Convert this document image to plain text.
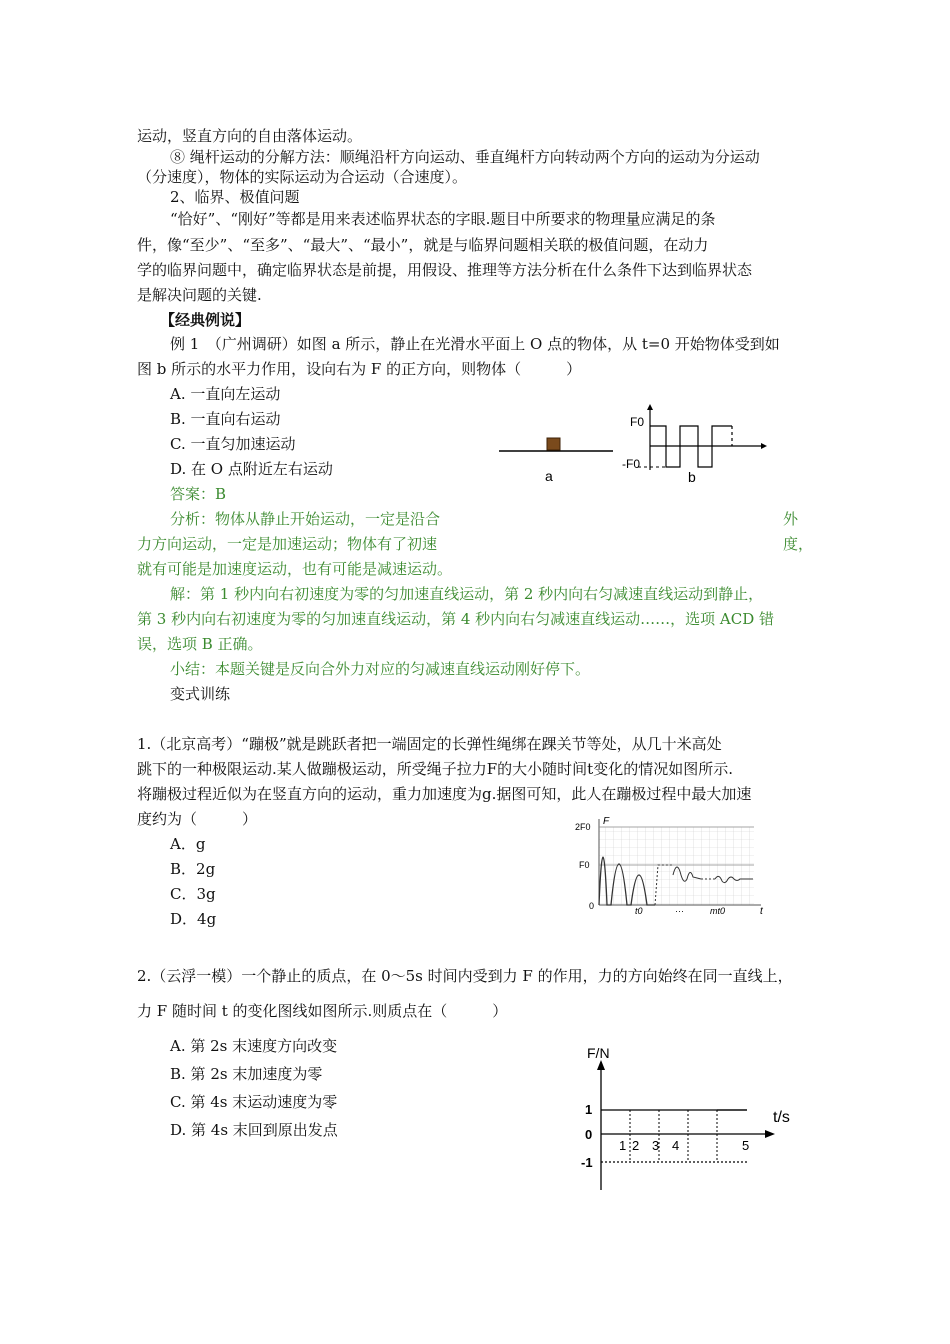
运动，竖直方向的自由落体运动。
⑧ 绳杆运动的分解方法：顺绳沿杆方向运动、垂直绳杆方向转动两个方向的运动为分运动
（分速度），物体的实际运动为合运动（合速度）。
2、临界、极值问题
“恰好”、“刚好”等都是用来表述临界状态的字眼.题目中所要求的物理量应满足的条
件，像“至少”、“至多”、“最大”、“最小”，就是与临界问题相关联的极值问题，在动力
学的临界问题中，确定临界状态是前提，用假设、推理等方法分析在什么条件下达到临界状态
是解决问题的关键.
【经典例说】
例 1　（广州调研）如图 a 所示，静止在光滑水平面上 O 点的物体，从 t=0 开始物体受到如
图 b 所示的水平力作用，设向右为 F 的正方向，则物体（　　　）
A. 一直向左运动
B. 一直向右运动
C. 一直匀加速运动
D. 在 O 点附近左右运动
答案：B
a
F0
-F0
b
分析：物体从静止开始运动，一定是沿合	外
力方向运动，一定是加速运动；物体有了初速	度，
就有可能是加速度运动，也有可能是减速运动。
解：第 1 秒内向右初速度为零的匀加速直线运动，第 2 秒内向右匀减速直线运动到静止，
第 3 秒内向右初速度为零的匀加速直线运动，第 4 秒内向右匀减速直线运动……，选项 ACD 错
误，选项 B 正确。
小结：本题关键是反向合外力对应的匀减速直线运动刚好停下。
变式训练
1.（北京高考）“蹦极”就是跳跃者把一端固定的长弹性绳绑在踝关节等处，从几十米高处
跳下的一种极限运动.某人做蹦极运动，所受绳子拉力F的大小随时间t变化的情况如图所示.
将蹦极过程近似为在竖直方向的运动，重力加速度为g.据图可知，此人在蹦极过程中最大加速
度约为（　　　）
A．g
B．2g
C．3g
D．4g
F
2F0
F0
0	t0	···	mt0	t
2.（云浮一模）一个静止的质点，在 0～5s 时间内受到力 F 的作用，力的方向始终在同一直线上，
力 F 随时间 t 的变化图线如图所示.则质点在（　　　）
A. 第 2s 末速度方向改变
B. 第 2s 末加速度为零
C. 第 4s 末运动速度为零
D. 第 4s 末回到原出发点
F/N
t/s
1
0
-1
1 2 3 4	5
